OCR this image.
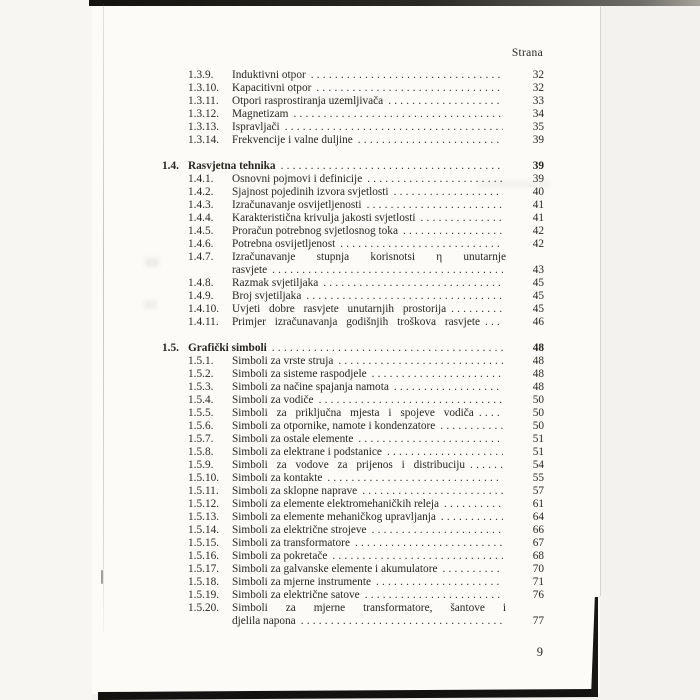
Strana
1.3.9.	Induktivni otpor .....	32
1.3.10.	Kapacitivni otpor .....	32
1.3.11.	Otpori rasprostiranja uzemljivača .....	33
1.3.12.	Magnetizam .....	34
1.3.13.	Ispravljači .....	35
1.3.14.	Frekvencije i valne duljine .....	39
1.4. Rasvjetna tehnika .....	39
1.4.1.	Osnovni pojmovi i definicije .....	39
1.4.2.	Sjajnost pojedinih izvora svjetlosti .....	40
1.4.3.	Izračunavanje osvijetljenosti .....	41
1.4.4.	Karakteristična krivulja jakosti svjetlosti .....	41
1.4.5.	Proračun potrebnog svjetlosnog toka .....	42
1.4.6.	Potrebna osvijetljenost .....	42
1.4.7.	Izračunavanje stupnja korisnotsi η unutarnje
rasvjete .....	43
1.4.8.	Razmak svjetiljaka .....	45
1.4.9.	Broj svjetiljaka .....	45
1.4.10.	Uvjeti dobre rasvjete unutarnjih prostorija .....	45
1.4.11.	Primjer izračunavanja godišnjih troškova rasvjete .....	46
1.5. Grafički simboli .....	48
1.5.1.	Simboli za vrste struja .....	48
1.5.2.	Simboli za sisteme raspodjele .....	48
1.5.3.	Simboli za načine spajanja namota .....	48
1.5.4.	Simboli za vodiče .....	50
1.5.5.	Simboli za priključna mjesta i spojeve vodiča .....	50
1.5.6.	Simboli za otpornike, namote i kondenzatore .....	50
1.5.7.	Simboli za ostale elemente .....	51
1.5.8.	Simboli za elektrane i podstanice .....	51
1.5.9.	Simboli za vodove za prijenos i distribuciju .....	54
1.5.10.	Simboli za kontakte .....	55
1.5.11.	Simboli za sklopne naprave .....	57
1.5.12.	Simboli za elemente elektromehaničkih releja .....	61
1.5.13.	Simboli za elemente mehaničkog upravljanja .....	64
1.5.14.	Simboli za električne strojeve .....	66
1.5.15.	Simboli za transformatore .....	67
1.5.16.	Simboli za pokretače .....	68
1.5.17.	Simboli za galvanske elemente i akumulatore .....	70
1.5.18.	Simboli za mjerne instrumente .....	71
1.5.19.	Simboli za električne satove .....	76
1.5.20.	Simboli za mjerne transformatore, šantove i
djelila napona .....	77
9
